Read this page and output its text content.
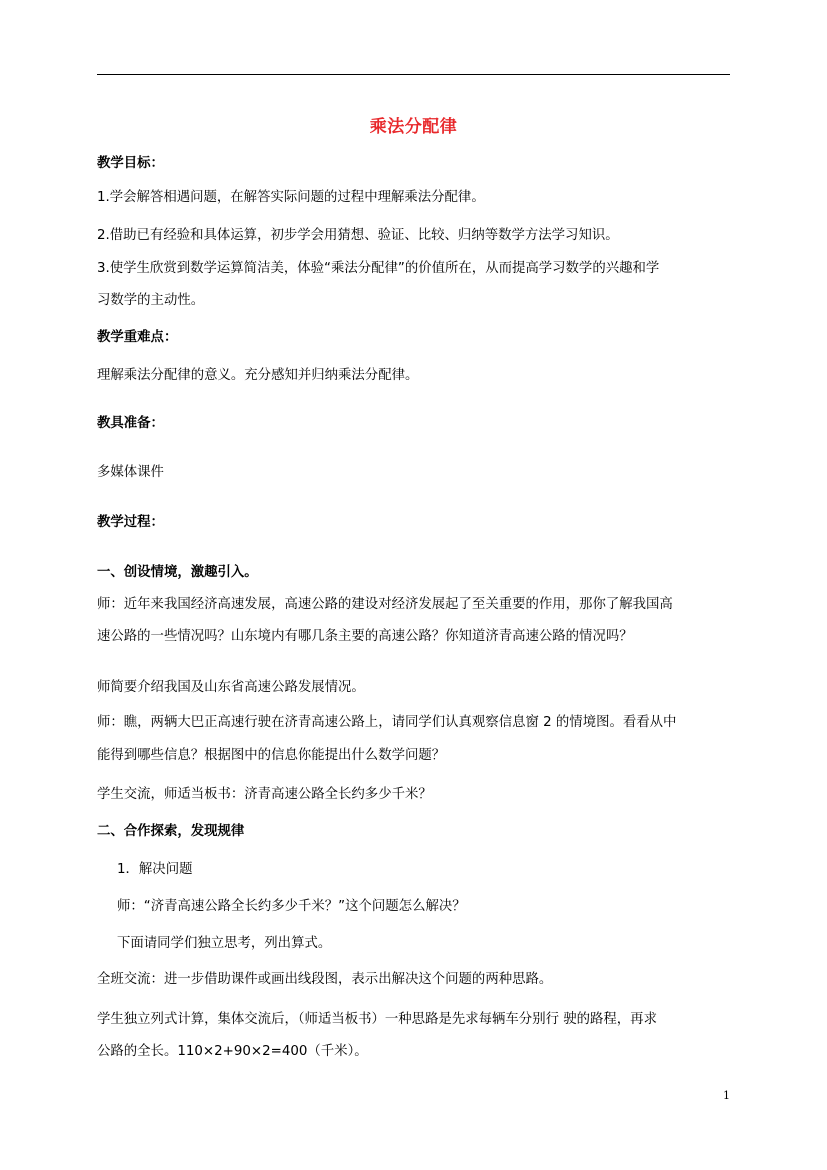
乘法分配律
教学目标：
1.学会解答相遇问题，在解答实际问题的过程中理解乘法分配律。
2.借助已有经验和具体运算，初步学会用猜想、验证、比较、归纳等数学方法学习知识。
3.使学生欣赏到数学运算简洁美，体验“乘法分配律”的价值所在，从而提高学习数学的兴趣和学
习数学的主动性。
教学重难点：
理解乘法分配律的意义。充分感知并归纳乘法分配律。
教具准备：
多媒体课件
教学过程：
一、创设情境，激趣引入。
师：近年来我国经济高速发展，高速公路的建设对经济发展起了至关重要的作用，那你了解我国高
速公路的一些情况吗？山东境内有哪几条主要的高速公路？你知道济青高速公路的情况吗？
师简要介绍我国及山东省高速公路发展情况。
师：瞧，两辆大巴正高速行驶在济青高速公路上，请同学们认真观察信息窗 2 的情境图。看看从中
能得到哪些信息？根据图中的信息你能提出什么数学问题？
学生交流，师适当板书：济青高速公路全长约多少千米？
二、合作探索，发现规律
1．解决问题
师：“济青高速公路全长约多少千米？”这个问题怎么解决？
下面请同学们独立思考，列出算式。
全班交流：进一步借助课件或画出线段图，表示出解决这个问题的两种思路。
学生独立列式计算，集体交流后，（师适当板书）一种思路是先求每辆车分别行 驶的路程，再求
公路的全长。110×2+90×2=400（千米）。
1
